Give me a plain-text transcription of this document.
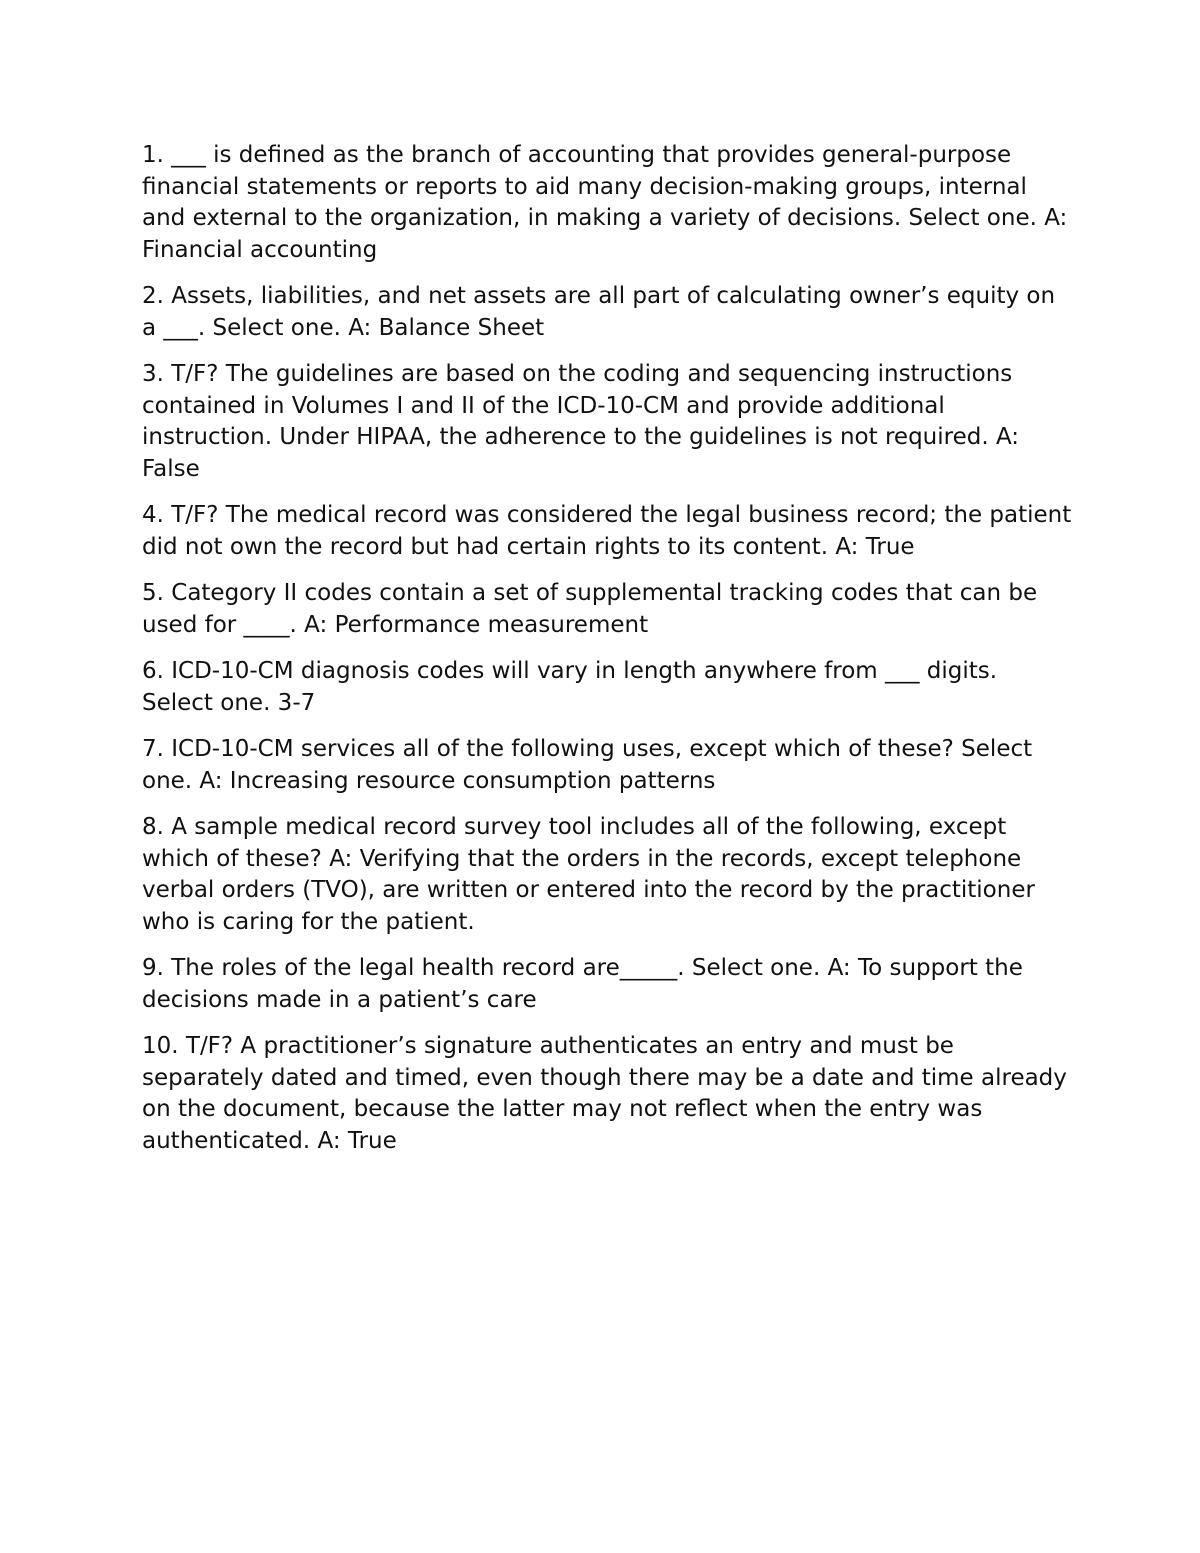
1. ___ is defined as the branch of accounting that provides general-purpose financial statements or reports to aid many decision-making groups, internal and external to the organization, in making a variety of decisions. Select one. A: Financial accounting

2. Assets, liabilities, and net assets are all part of calculating owner’s equity on a ___. Select one. A: Balance Sheet

3. T/F? The guidelines are based on the coding and sequencing instructions contained in Volumes I and II of the ICD-10-CM and provide additional instruction. Under HIPAA, the adherence to the guidelines is not required. A: False

4. T/F? The medical record was considered the legal business record; the patient did not own the record but had certain rights to its content. A: True

5. Category II codes contain a set of supplemental tracking codes that can be used for ____. A: Performance measurement

6. ICD-10-CM diagnosis codes will vary in length anywhere from ___ digits. Select one. 3-7

7. ICD-10-CM services all of the following uses, except which of these? Select one. A: Increasing resource consumption patterns

8. A sample medical record survey tool includes all of the following, except which of these? A: Verifying that the orders in the records, except telephone verbal orders (TVO), are written or entered into the record by the practitioner who is caring for the patient.

9. The roles of the legal health record are_____. Select one. A: To support the decisions made in a patient’s care

10. T/F? A practitioner’s signature authenticates an entry and must be separately dated and timed, even though there may be a date and time already on the document, because the latter may not reflect when the entry was authenticated. A: True
